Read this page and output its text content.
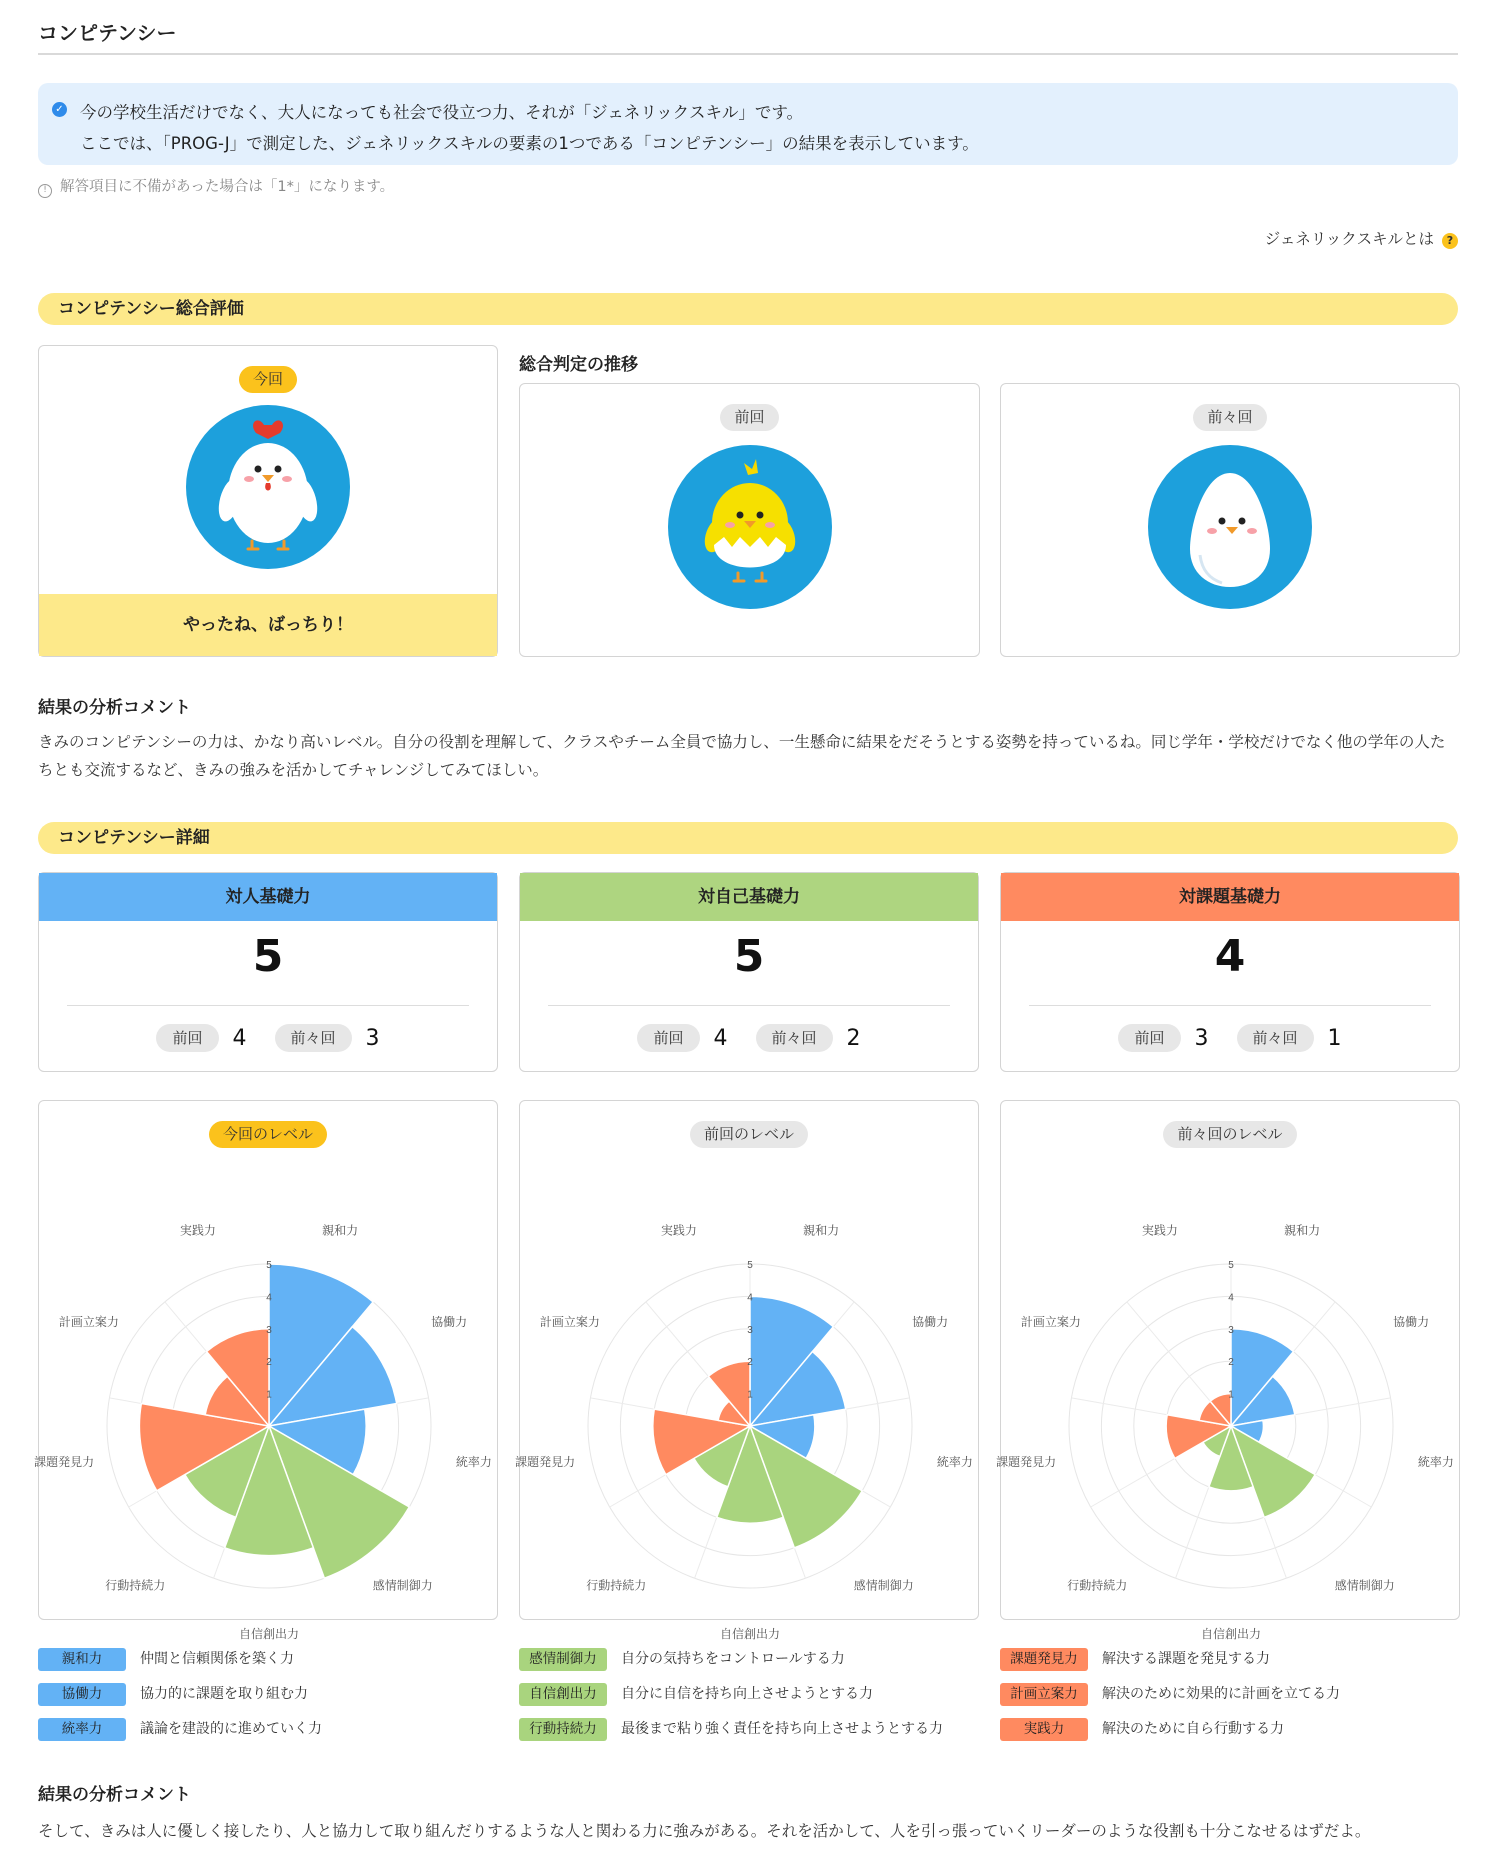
コンピテンシー
✓ 今の学校生活だけでなく、大人になっても社会で役立つ力、それが「ジェネリックスキル」です。

ここでは、「PROG-J」で測定した、ジェネリックスキルの要素の1つである「コンピテンシー」の結果を表示しています。

! 解答項目に不備があった場合は「1*」になります。
ジェネリックスキルとは ?
コンピテンシー総合評価
今回
やったね、ばっちり！
総合判定の推移
前回	前々回
結果の分析コメント
きみのコンピテンシーの力は、かなり高いレベル。自分の役割を理解して、クラスやチーム全員で協力し、一生懸命に結果をだそうとする姿勢を持っているね。同じ学年・学校だけでなく他の学年の人たちとも交流するなど、きみの強みを活かしてチャレンジしてみてほしい。
コンピテンシー詳細
対人基礎力
5
前回 4	前々回 3
対自己基礎力
5
前回 4	前々回 2
対課題基礎力
4
前回 3	前々回 1
今回のレベル
1
2
3
4
5
親和力
協働力
統率力
感情制御力
自信創出力
行動持続力
課題発見力
計画立案力
実践力
前回のレベル
1
2
3
4
5
親和力
協働力
統率力
感情制御力
自信創出力
行動持続力
課題発見力
計画立案力
実践力
前々回のレベル
1
2
3
4
5
親和力
協働力
統率力
感情制御力
自信創出力
行動持続力
課題発見力
計画立案力
実践力
親和力	仲間と信頼関係を築く力
協働力	協力的に課題を取り組む力
統率力	議論を建設的に進めていく力
感情制御力 自分の気持ちをコントロールする力
自信創出力 自分に自信を持ち向上させようとする力
行動持続力 最後まで粘り強く責任を持ち向上させようとする力
課題発見力 解決する課題を発見する力
計画立案力 解決のために効果的に計画を立てる力
実践力	解決のために自ら行動する力
結果の分析コメント
そして、きみは人に優しく接したり、人と協力して取り組んだりするような人と関わる力に強みがある。それを活かして、人を引っ張っていくリーダーのような役割も十分こなせるはずだよ。
